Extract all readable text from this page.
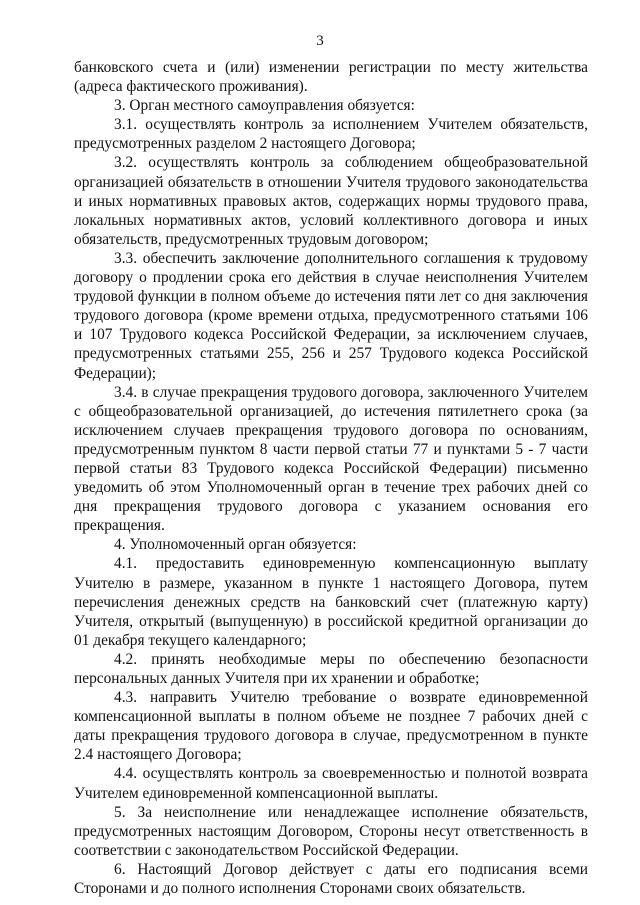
3

банковского счета и (или) изменении регистрации по месту жительства (адреса фактического проживания).

3. Орган местного самоуправления обязуется:

3.1. осуществлять контроль за исполнением Учителем обязательств, предусмотренных разделом 2 настоящего Договора;

3.2. осуществлять контроль за соблюдением общеобразовательной организацией обязательств в отношении Учителя трудового законодательства и иных нормативных правовых актов, содержащих нормы трудового права, локальных нормативных актов, условий коллективного договора и иных обязательств, предусмотренных трудовым договором;

3.3. обеспечить заключение дополнительного соглашения к трудовому договору о продлении срока его действия в случае неисполнения Учителем трудовой функции в полном объеме до истечения пяти лет со дня заключения трудового договора (кроме времени отдыха, предусмотренного статьями 106 и 107 Трудового кодекса Российской Федерации, за исключением случаев, предусмотренных статьями 255, 256 и 257 Трудового кодекса Российской Федерации);

3.4. в случае прекращения трудового договора, заключенного Учителем с общеобразовательной организацией, до истечения пятилетнего срока (за исключением случаев прекращения трудового договора по основаниям, предусмотренным пунктом 8 части первой статьи 77 и пунктами 5 - 7 части первой статьи 83 Трудового кодекса Российской Федерации) письменно уведомить об этом Уполномоченный орган в течение трех рабочих дней со дня прекращения трудового договора с указанием основания его прекращения.

4. Уполномоченный орган обязуется:

4.1. предоставить единовременную компенсационную выплату Учителю в размере, указанном в пункте 1 настоящего Договора, путем перечисления денежных средств на банковский счет (платежную карту) Учителя, открытый (выпущенную) в российской кредитной организации до 01 декабря текущего календарного;

4.2. принять необходимые меры по обеспечению безопасности персональных данных Учителя при их хранении и обработке;

4.3. направить Учителю требование о возврате единовременной компенсационной выплаты в полном объеме не позднее 7 рабочих дней с даты прекращения трудового договора в случае, предусмотренном в пункте 2.4 настоящего Договора;

4.4. осуществлять контроль за своевременностью и полнотой возврата Учителем единовременной компенсационной выплаты.

5. За неисполнение или ненадлежащее исполнение обязательств, предусмотренных настоящим Договором, Стороны несут ответственность в соответствии с законодательством Российской Федерации.

6. Настоящий Договор действует с даты его подписания всеми Сторонами и до полного исполнения Сторонами своих обязательств.
